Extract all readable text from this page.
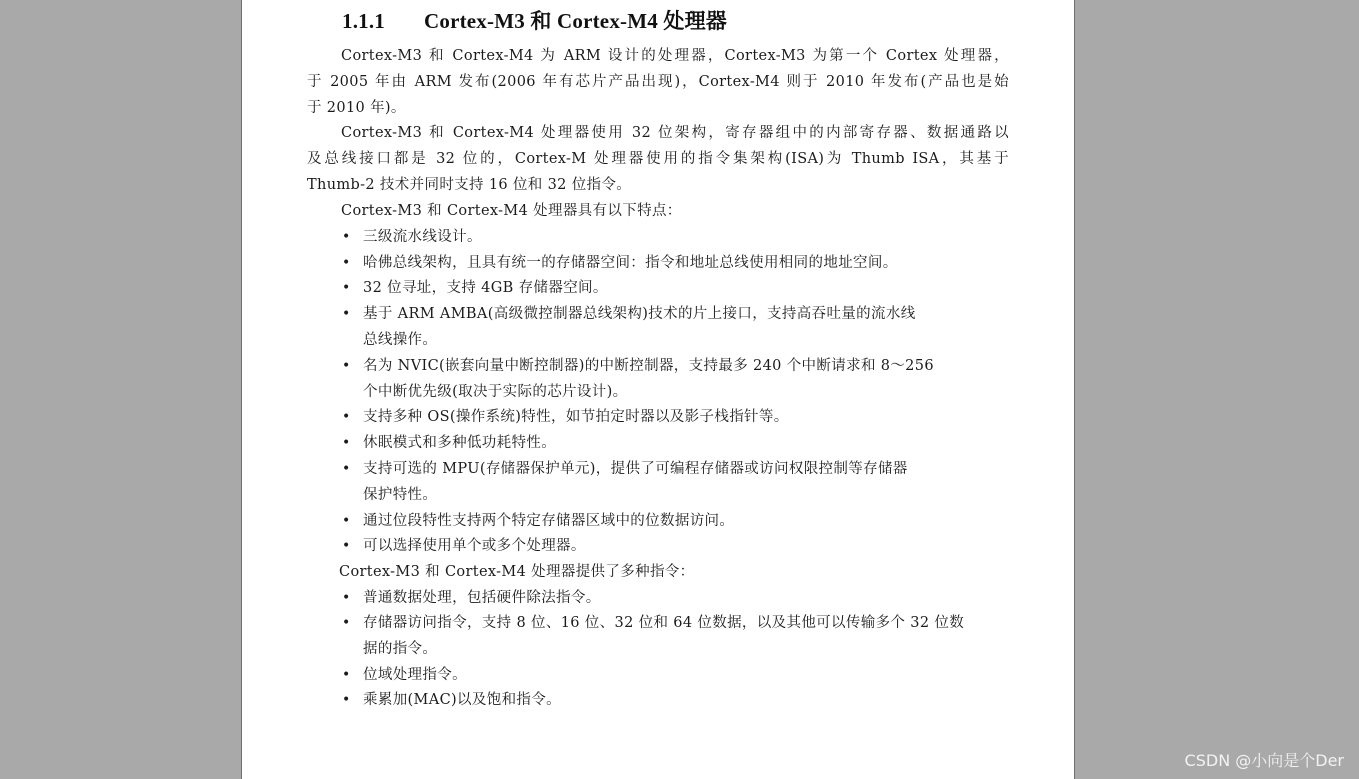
1.1.1 Cortex-M3 和 Cortex-M4 处理器
Cortex-M3 和 Cortex-M4 为 ARM 设计的处理器，Cortex-M3 为第一个 Cortex 处理器，
于 2005 年由 ARM 发布(2006 年有芯片产品出现)，Cortex-M4 则于 2010 年发布(产品也是始
于 2010 年)。
Cortex-M3 和 Cortex-M4 处理器使用 32 位架构，寄存器组中的内部寄存器、数据通路以
及总线接口都是 32 位的，Cortex-M 处理器使用的指令集架构(ISA)为 Thumb ISA，其基于
Thumb-2 技术并同时支持 16 位和 32 位指令。
Cortex-M3 和 Cortex-M4 处理器具有以下特点：
• 三级流水线设计。
• 哈佛总线架构，且具有统一的存储器空间：指令和地址总线使用相同的地址空间。
• 32 位寻址，支持 4GB 存储器空间。
• 基于 ARM AMBA(高级微控制器总线架构)技术的片上接口，支持高吞吐量的流水线
总线操作。
• 名为 NVIC(嵌套向量中断控制器)的中断控制器，支持最多 240 个中断请求和 8～256
个中断优先级(取决于实际的芯片设计)。
• 支持多种 OS(操作系统)特性，如节拍定时器以及影子栈指针等。
• 休眠模式和多种低功耗特性。
• 支持可选的 MPU(存储器保护单元)，提供了可编程存储器或访问权限控制等存储器
保护特性。
• 通过位段特性支持两个特定存储器区域中的位数据访问。
• 可以选择使用单个或多个处理器。
Cortex-M3 和 Cortex-M4 处理器提供了多种指令：
• 普通数据处理，包括硬件除法指令。
• 存储器访问指令，支持 8 位、16 位、32 位和 64 位数据，以及其他可以传输多个 32 位数
据的指令。
• 位域处理指令。
• 乘累加(MAC)以及饱和指令。
CSDN @小向是个Der
